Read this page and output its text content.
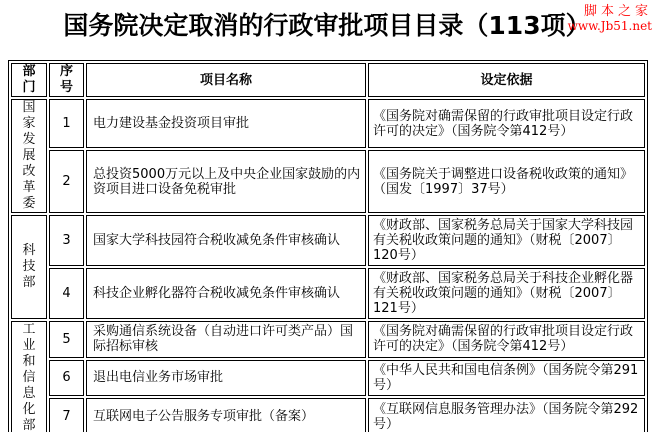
国务院决定取消的行政审批项目目录（113项）
脚本之家
www.Jb51.net
部门	序号	项目名称	设定依据

国家发展改革委	1	电力建设基金投资项目审批	《国务院对确需保留的行政审批项目设定行政许可的决定》（国务院令第412号）
	2	总投资5000万元以上及中央企业国家鼓励的内资项目进口设备免税审批	《国务院关于调整进口设备税收政策的通知》（国发〔1997〕37号）

科技部	3	国家大学科技园符合税收减免条件审核确认	《财政部、国家税务总局关于国家大学科技园有关税收政策问题的通知》（财税〔2007〕120号）
	4	科技企业孵化器符合税收减免条件审核确认	《财政部、国家税务总局关于科技企业孵化器有关税收政策问题的通知》（财税〔2007〕121号）

工业和信息化部	5	采购通信系统设备（自动进口许可类产品）国际招标审核	《国务院对确需保留的行政审批项目设定行政许可的决定》（国务院令第412号）
	6	退出电信业务市场审批	《中华人民共和国电信条例》（国务院令第291号）
	7	互联网电子公告服务专项审批（备案）	《互联网信息服务管理办法》（国务院令第292号）
